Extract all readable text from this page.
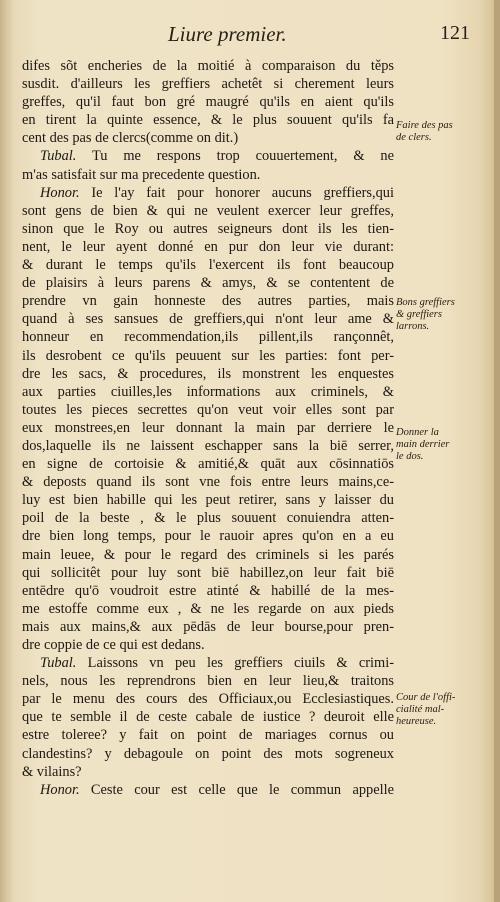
Liure premier.	121
difes sõt encheries de la moitié à comparaison du těps
susdit. d'ailleurs les greffiers achetêt si cherement leurs
greffes, qu'il faut bon gré maugré qu'ils en aient qu'ils
en tirent la quinte essence, & le plus souuent qu'ils fa
cent des pas de clercs(comme on dit.)
Tubal. Tu me respons trop couuertement, & ne
m'as satisfait sur ma precedente question.
Honor. Ie l'ay fait pour honorer aucuns greffiers,qui
sont gens de bien & qui ne veulent exercer leur greffes,
sinon que le Roy ou autres seigneurs dont ils les tien-
nent, le leur ayent donné en pur don leur vie durant:
& durant le temps qu'ils l'exercent ils font beaucoup
de plaisirs à leurs parens & amys, & se contentent de
prendre vn gain honneste des autres parties, mais
quand à ses sansues de greffiers,qui n'ont leur ame &
honneur en recommendation,ils pillent,ils rançonnêt,
ils desrobent ce qu'ils peuuent sur les parties: font per-
dre les sacs, & procedures, ils monstrent les enquestes
aux parties ciuilles,les informations aux criminels, &
toutes les pieces secrettes qu'on veut voir elles sont par
eux monstrees,en leur donnant la main par derriere le
dos,laquelle ils ne laissent eschapper sans la biē serrer,
en signe de cortoisie & amitié,& quāt aux cōsinnatiōs
& deposts quand ils sont vne fois entre leurs mains,ce-
luy est bien habille qui les peut retirer, sans y laisser du
poil de la beste , & le plus souuent conuiendra atten-
dre bien long temps, pour le rauoir apres qu'on en a eu
main leuee, & pour le regard des criminels si les parés
qui sollicitêt pour luy sont biē habillez,on leur fait biē
entēdre qu'ō voudroit estre atinté & habillé de la mes-
me estoffe comme eux , & ne les regarde on aux pieds
mais aux mains,& aux pēdās de leur bourse,pour pren-
dre coppie de ce qui est dedans.
Tubal. Laissons vn peu les greffiers ciuils & crimi-
nels, nous les reprendrons bien en leur lieu,& traitons
par le menu des cours des Officiaux,ou Ecclesiastiques.
que te semble il de ceste cabale de iustice ? deuroit elle
estre toleree? y fait on point de mariages cornus ou
clandestins? y debagoule on point des mots sogreneux
& vilains?
Honor. Ceste cour est celle que le commun appelle
Faire des pas
de clers.
Bons greffiers
& greffiers
larrons.
Donner la
main derrier
le dos.
Cour de l'offi-
cialité mal-
heureuse.
